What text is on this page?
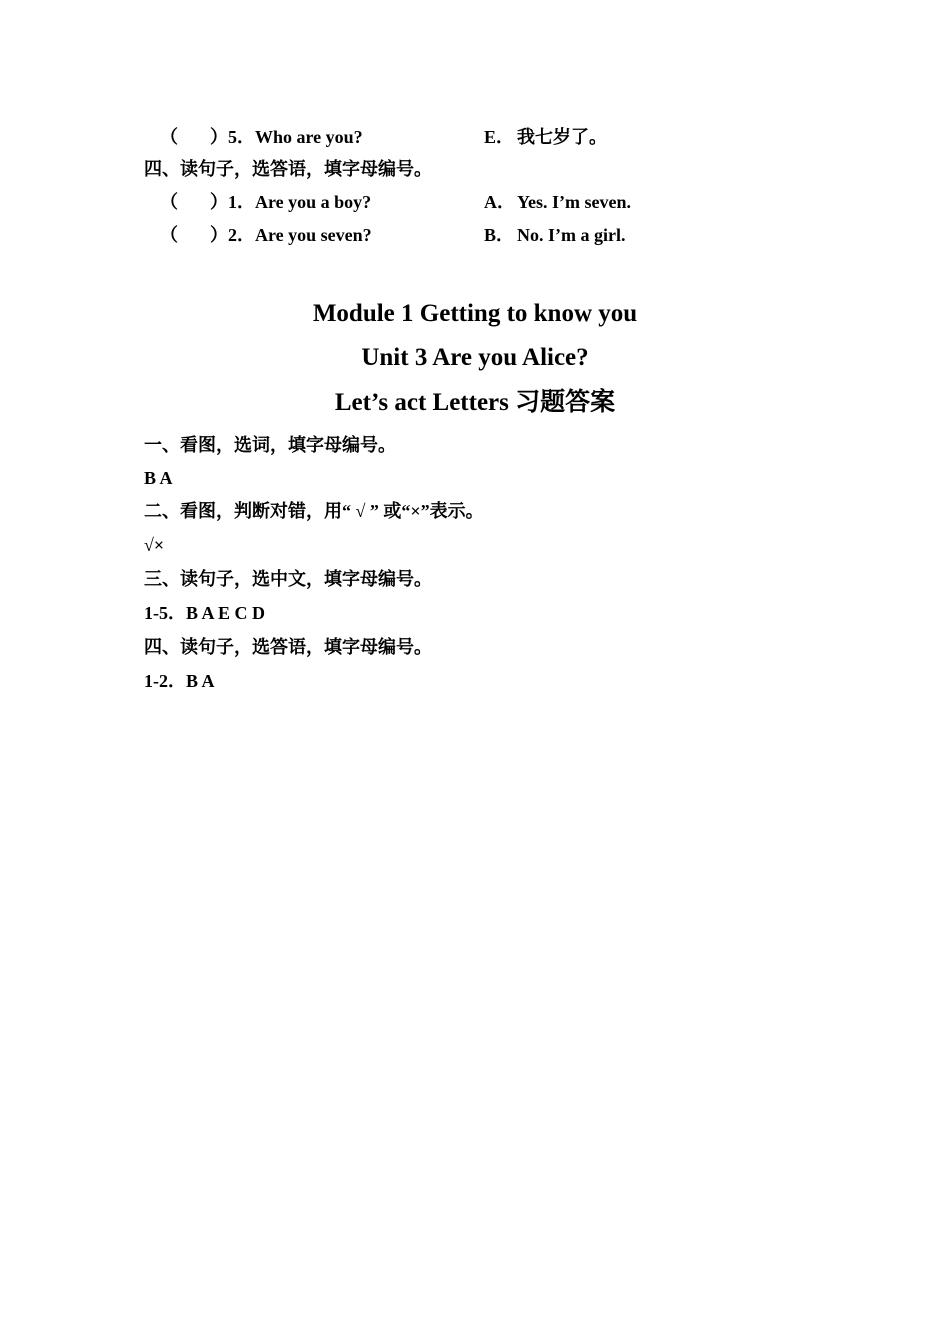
（ ）5．Who are you?	E． 我七岁了。
四、读句子，选答语，填字母编号。
（ ）1．Are you a boy?	A． Yes. I’m seven.
（ ）2．Are you seven?	B． No. I’m a girl.
Module 1 Getting to know you
Unit 3 Are you Alice?
Let’s act Letters 习题答案
一、看图，选词，填字母编号。
B A
二、看图，判断对错，用“ √ ” 或“×”表示。
√×
三、读句子，选中文，填字母编号。
1-5．B A E C D
四、读句子，选答语，填字母编号。
1-2．B A
